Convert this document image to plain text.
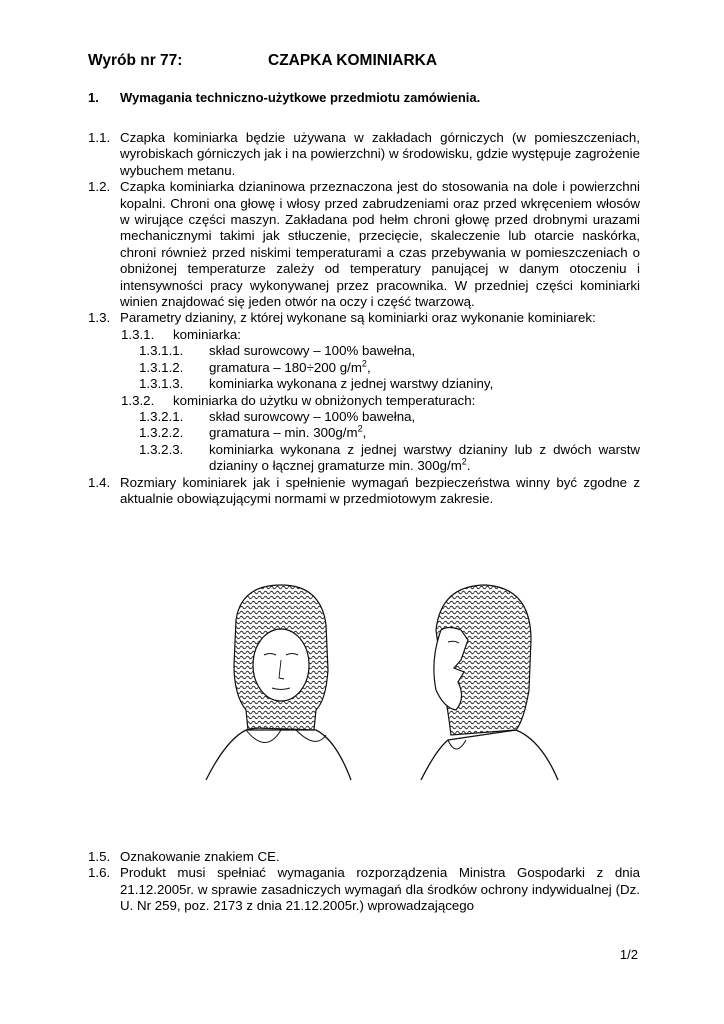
Wyrób nr 77:	CZAPKA KOMINIARKA
1. Wymagania techniczno-użytkowe przedmiotu zamówienia.
1.1. Czapka kominiarka będzie używana w zakładach górniczych (w pomieszczeniach, wyrobiskach górniczych jak i na powierzchni) w środowisku, gdzie występuje zagrożenie wybuchem metanu.
1.2. Czapka kominiarka dzianinowa przeznaczona jest do stosowania na dole i powierzchni kopalni. Chroni ona głowę i włosy przed zabrudzeniami oraz przed wkręceniem włosów w wirujące części maszyn. Zakładana pod hełm chroni głowę przed drobnymi urazami mechanicznymi takimi jak stłuczenie, przecięcie, skaleczenie lub otarcie naskórka, chroni również przed niskimi temperaturami a czas przebywania w pomieszczeniach o obniżonej temperaturze zależy od temperatury panującej w danym otoczeniu i intensywności pracy wykonywanej przez pracownika. W przedniej części kominiarki winien znajdować się jeden otwór na oczy i część twarzową.
1.3. Parametry dzianiny, z której wykonane są kominiarki oraz wykonanie kominiarek:
1.3.1. kominiarka:
1.3.1.1. skład surowcowy – 100% bawełna,
1.3.1.2. gramatura – 180÷200 $g/m^2$,
1.3.1.3. kominiarka wykonana z jednej warstwy dzianiny,
1.3.2. kominiarka do użytku w obniżonych temperaturach:
1.3.2.1. skład surowcowy – 100% bawełna,
1.3.2.2. gramatura – min. $300g/m^2$,
1.3.2.3. kominiarka wykonana z jednej warstwy dzianiny lub z dwóch warstw dzianiny o łącznej gramaturze min. $300g/m^2$.
1.4. Rozmiary kominiarek jak i spełnienie wymagań bezpieczeństwa winny być zgodne z aktualnie obowiązującymi normami w przedmiotowym zakresie.
1.5. Oznakowanie znakiem CE.
1.6. Produkt musi spełniać wymagania rozporządzenia Ministra Gospodarki z dnia 21.12.2005r. w sprawie zasadniczych wymagań dla środków ochrony indywidualnej (Dz. U. Nr 259, poz. 2173 z dnia 21.12.2005r.) wprowadzającego
1/2
